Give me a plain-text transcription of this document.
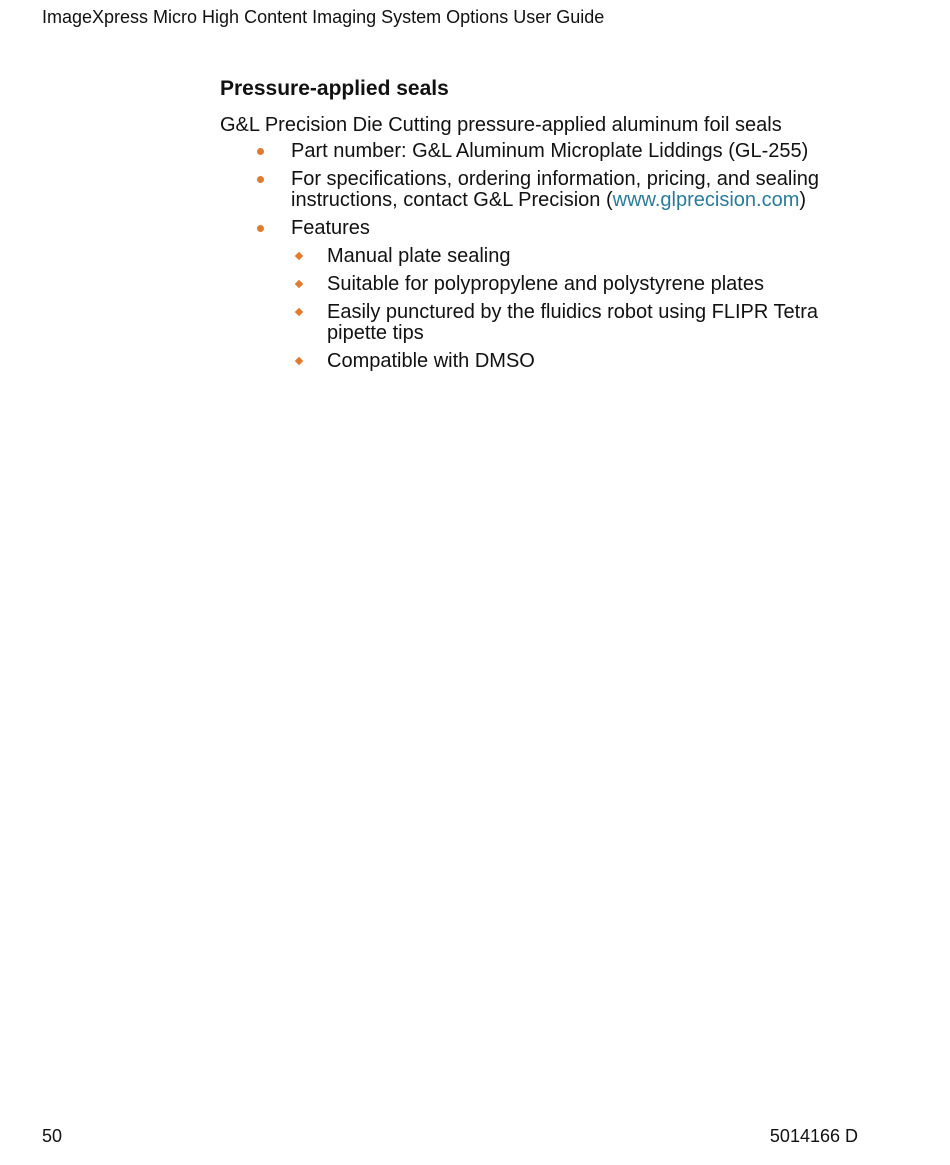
ImageXpress Micro High Content Imaging System Options User Guide
Pressure-applied seals

G&L Precision Die Cutting pressure-applied aluminum foil seals

Part number: G&L Aluminum Microplate Liddings (GL-255)
For specifications, ordering information, pricing, and sealing instructions, contact G&L Precision (www.glprecision.com)
Features
Manual plate sealing
Suitable for polypropylene and polystyrene plates
Easily punctured by the fluidics robot using FLIPR Tetra pipette tips
Compatible with DMSO
50	5014166 D
